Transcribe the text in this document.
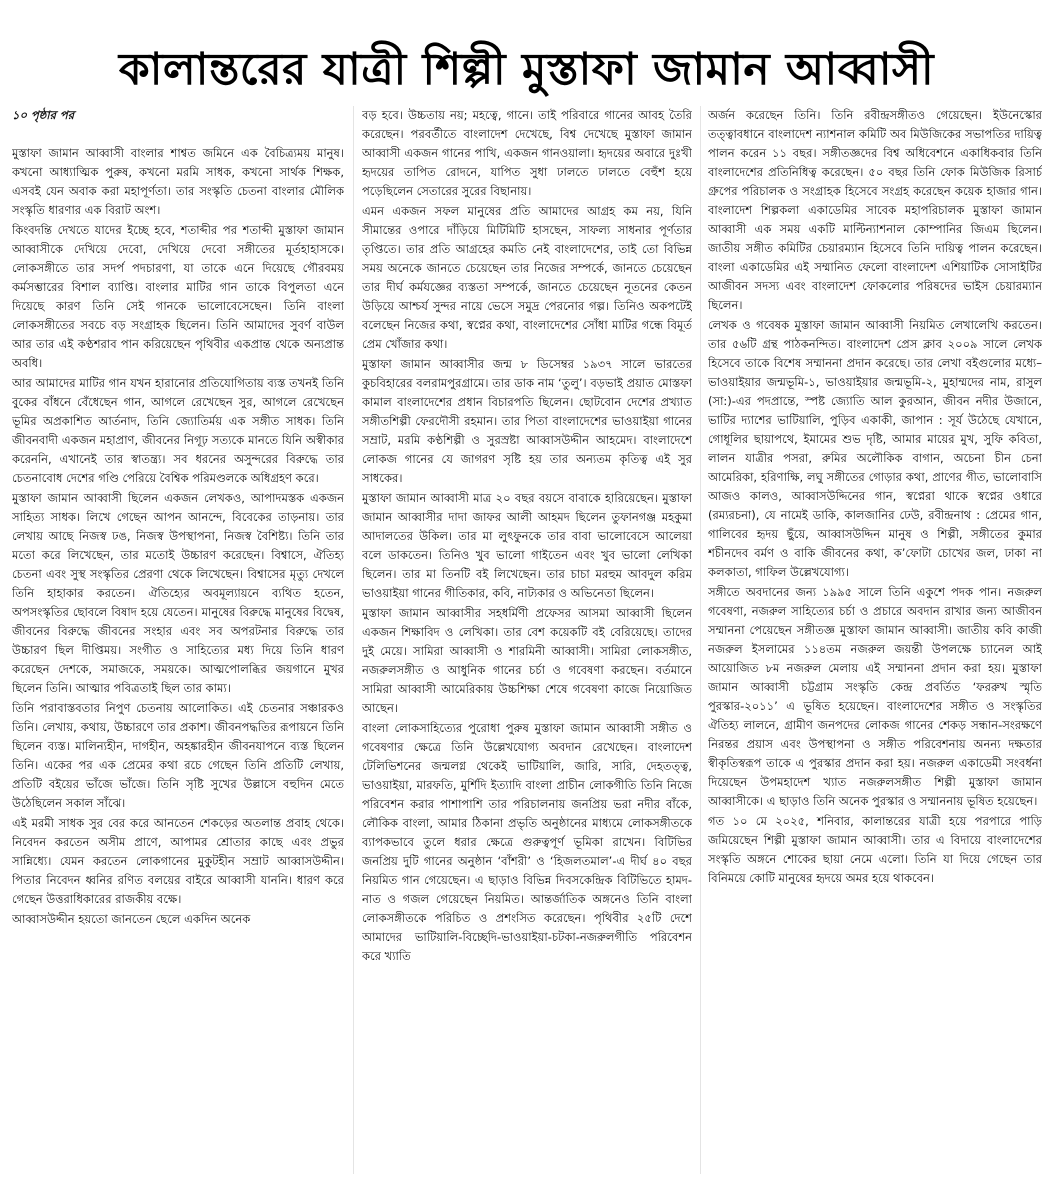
কালান্তরের যাত্রী শিল্পী মুস্তাফা জামান আব্বাসী

১০ পৃষ্ঠার পর

মুস্তাফা জামান আব্বাসী বাংলার শাশ্বত জমিনে এক বৈচিত্র্যময় মানুষ। কখনো আধ্যাত্মিক পুরুষ, কখনো মরমি সাধক, কখনো সার্থক শিক্ষক, এসবই যেন অবাক করা মহাপূর্ণতা। তার সংস্কৃতি চেতনা বাংলার মৌলিক সংস্কৃতি ধারণার এক বিরাট অংশ।

কিংবদন্তি দেখতে যাদের ইচ্ছে হবে, শতাব্দীর পর শতাব্দী মুস্তাফা জামান আব্বাসীকে দেখিয়ে দেবো, দেখিয়ে দেবো সঙ্গীতের মূর্তহাহাসকে। লোকসঙ্গীতে তার সদর্প পদচারণা, যা তাকে এনে দিয়েছে গৌরবময় কর্মসম্ভারের বিশাল ব্যাপ্তি। বাংলার মাটির গান তাকে বিপুলতা এনে দিয়েছে কারণ তিনি সেই গানকে ভালোবেসেছেন। তিনি বাংলা লোকসঙ্গীতের সবচে বড় সংগ্রাহক ছিলেন। তিনি আমাদের সুবর্ণ বাউল আর তার এই কণ্ঠশরাব পান করিয়েছেন পৃথিবীর একপ্রান্ত থেকে অন্যপ্রান্ত অবধি।

আর আমাদের মাটির গান যখন হারানোর প্রতিযোগিতায় ব্যস্ত তখনই তিনি বুকের বাঁধনে বেঁধেছেন গান, আগলে রেখেছেন সুর, আগলে রেখেছেন ভূমির অপ্রকাশিত আর্তনাদ, তিনি জ্যোতির্ময় এক সঙ্গীত সাধক। তিনি জীবনবাদী একজন মহাপ্রাণ, জীবনের নিগূঢ় সত্যকে মানতে যিনি অস্বীকার করেননি, এখানেই তার স্বাতন্ত্র্য। সব ধরনের অসুন্দরের বিরুদ্ধে তার চেতনাবোধ দেশের গণ্ডি পেরিয়ে বৈশ্বিক পরিমণ্ডলকে অধিগ্রহণ করে।

মুস্তাফা জামান আব্বাসী ছিলেন একজন লেখকও, আপাদমস্তক একজন সাহিত্য সাধক। লিখে গেছেন আপন আনন্দে, বিবেকের তাড়নায়। তার লেখায় আছে নিজস্ব ঢঙ, নিজস্ব উপস্থাপনা, নিজস্ব বৈশিষ্ট্য। তিনি তার মতো করে লিখেছেন, তার মতোই উচ্চারণ করেছেন। বিশ্বাসে, ঐতিহ্য চেতনা এবং সুস্থ সংস্কৃতির প্রেরণা থেকে লিখেছেন। বিশ্বাসের মৃত্যু দেখলে তিনি হাহাকার করতেন। ঐতিহ্যের অবমূল্যায়নে ব্যথিত হতেন, অপসংস্কৃতির ছোবলে বিষাদ হয়ে যেতেন। মানুষের বিরুদ্ধে মানুষের বিদ্বেষ, জীবনের বিরুদ্ধে জীবনের সংহার এবং সব অপরটনার বিরুদ্ধে তার উচ্চারণ ছিল দীপ্তিময়। সংগীত ও সাহিত্যের মধ্য দিয়ে তিনি ধারণ করেছেন দেশকে, সমাজকে, সময়কে। আত্মপোলব্ধির জয়গানে মুখর ছিলেন তিনি। আত্মার পবিত্রতাই ছিল তার কাম্য।

তিনি পরাবাস্তবতার নিপুণ চেতনায় আলোকিত। এই চেতনার সঞ্চারকও তিনি। লেখায়, কথায়, উচ্চারণে তার প্রকাশ। জীবনপদ্ধতির রূপায়নে তিনি ছিলেন ব্যস্ত। মালিন্যহীন, দাগহীন, অহঙ্কারহীন জীবনযাপনে ব্যস্ত ছিলেন তিনি। একের পর এক প্রেমের কথা রচে গেছেন তিনি প্রতিটি লেখায়, প্রতিটি বইয়ের ভাঁজে ভাঁজে। তিনি সৃষ্টি সুখের উল্লাসে বহুদিন মেতে উঠেছিলেন সকাল সাঁঝে।

এই মরমী সাধক সুর বের করে আনতেন শেকড়ের অতলান্ত প্রবাহ থেকে। নিবেদন করতেন অসীম প্রাণে, আপামর শ্রোতার কাছে এবং প্রভুর সান্নিধ্যে। যেমন করতেন লোকগানের মুকুটহীন সম্রাট আব্বাসউদ্দীন। পিতার নিবেদন ধ্বনির রণিত বলয়ের বাইরে আব্বাসী যাননি। ধারণ করে গেছেন উত্তরাধিকারের রাজকীয় বক্ষে।

আব্বাসউদ্দীন হয়তো জানতেন ছেলে একদিন অনেক

বড় হবে। উচ্চতায় নয়; মহত্বে, গানে। তাই পরিবারে গানের আবহ তৈরি করেছেন। পরবর্তীতে বাংলাদেশ দেখেছে, বিশ্ব দেখেছে মুস্তাফা জামান আব্বাসী একজন গানের পাখি, একজন গানওয়ালা। হৃদয়ের অবারে দুঃখী হৃদয়ের তাপিত রোদনে, যাপিত সুধা ঢালতে ঢালতে বেহুঁশ হয়ে পড়েছিলেন সেতারের সুরের বিছানায়।

এমন একজন সফল মানুষের প্রতি আমাদের আগ্রহ কম নয়, যিনি সীমান্তের ওপারে দাঁড়িয়ে মিটিমিটি হাসছেন, সাফল্য সাধনার পূর্ণতার তৃপ্তিতে। তার প্রতি আগ্রহের কমতি নেই বাংলাদেশের, তাই তো বিভিন্ন সময় অনেকে জানতে চেয়েছেন তার নিজের সম্পর্কে, জানতে চেয়েছেন তার দীর্ঘ কর্মযজ্ঞের ব্যস্ততা সম্পর্কে, জানতে চেয়েছেন নূতনের কেতন উড়িয়ে আশ্চর্য সুন্দর নায়ে ভেসে সমুদ্র পেরনোর গল্প। তিনিও অকপটেই বলেছেন নিজের কথা, স্বপ্নের কথা, বাংলাদেশের সোঁধা মাটির গন্ধে বিমূর্ত প্রেম খোঁজার কথা।

মুস্তাফা জামান আব্বাসীর জন্ম ৮ ডিসেম্বর ১৯৩৭ সালে ভারতের কুচবিহারের বলরামপুরগ্রামে। তার ডাক নাম ‘তুলু’। বড়ভাই প্রয়াত মোস্তফা কামাল বাংলাদেশের প্রধান বিচারপতি ছিলেন। ছোটবোন দেশের প্রখ্যাত সঙ্গীতশিল্পী ফেরদৌসী রহমান। তার পিতা বাংলাদেশের ভাওয়াইয়া গানের সম্রাট, মরমি কণ্ঠশিল্পী ও সুরস্রষ্টা আব্বাসউদ্দীন আহমেদ। বাংলাদেশে লোকজ গানের যে জাগরণ সৃষ্টি হয় তার অন্যতম কৃতিত্ব এই সুর সাধকের।

মুস্তাফা জামান আব্বাসী মাত্র ২০ বছর বয়সে বাবাকে হারিয়েছেন। মুস্তাফা জামান আব্বাসীর দাদা জাফর আলী আহমদ ছিলেন তুফানগঞ্জ মহকুমা আদালতের উকিল। তার মা লুৎফুনকে তার বাবা ভালোবেসে আলেয়া বলে ডাকতেন। তিনিও খুব ভালো গাইতেন এবং খুব ভালো লেখিকা ছিলেন। তার মা তিনটি বই লিখেছেন। তার চাচা মরহুম আবদুল করিম ভাওয়াইয়া গানের গীতিকার, কবি, নাট্যকার ও অভিনেতা ছিলেন।

মুস্তাফা জামান আব্বাসীর সহধর্মিণী প্রফেসর আসমা আব্বাসী ছিলেন একজন শিক্ষাবিদ ও লেখিকা। তার বেশ কয়েকটি বই বেরিয়েছে। তাদের দুই মেয়ে। সামিরা আব্বাসী ও শারমিনী আব্বাসী। সামিরা লোকসঙ্গীত, নজরুলসঙ্গীত ও আধুনিক গানের চর্চা ও গবেষণা করছেন। বর্তমানে সামিরা আব্বাসী আমেরিকায় উচ্চশিক্ষা শেষে গবেষণা কাজে নিয়োজিত আছেন।

বাংলা লোকসাহিত্যের পুরোধা পুরুষ মুস্তাফা জামান আব্বাসী সঙ্গীত ও গবেষণার ক্ষেত্রে তিনি উল্লেখযোগ্য অবদান রেখেছেন। বাংলাদেশ টেলিভিশনের জন্মলগ্ন থেকেই ভাটিয়ালি, জারি, সারি, দেহতত্ত্ব, ভাওয়াইয়া, মারফতি, মুর্শিদি ইত্যাদি বাংলা প্রাচীন লোকগীতি তিনি নিজে পরিবেশন করার পাশাপাশি তার পরিচালনায় জনপ্রিয় ভরা নদীর বাঁকে, লৌকিক বাংলা, আমার ঠিকানা প্রভৃতি অনুষ্ঠানের মাধ্যমে লোকসঙ্গীতকে ব্যাপকভাবে তুলে ধরার ক্ষেত্রে গুরুত্বপূর্ণ ভূমিকা রাখেন। বিটিভির জনপ্রিয় দুটি গানের অনুষ্ঠান ‘বাঁশরী’ ও ‘হিজলতমাল’-এ দীর্ঘ ৪০ বছর নিয়মিত গান গেয়েছেন। এ ছাড়াও বিভিন্ন দিবসকেন্দ্রিক বিটিভিতে হামদ-নাত ও গজল গেয়েছেন নিয়মিত। আন্তর্জাতিক অঙ্গনেও তিনি বাংলা লোকসঙ্গীতকে পরিচিত ও প্রশংসিত করেছেন। পৃথিবীর ২৫টি দেশে আমাদের ভাটিয়ালি-বিচ্ছেদি-ভাওয়াইয়া-চটকা-নজরুলগীতি পরিবেশন করে খ্যাতি

অর্জন করেছেন তিনি। তিনি রবীন্দ্রসঙ্গীতও গেয়েছেন। ইউনেস্কোর তত্ত্বাবধানে বাংলাদেশ ন্যাশনাল কমিটি অব মিউজিকের সভাপতির দায়িত্ব পালন করেন ১১ বছর। সঙ্গীতজ্ঞদের বিশ্ব অধিবেশনে একাধিকবার তিনি বাংলাদেশের প্রতিনিধিত্ব করেছেন। ৫০ বছর তিনি ফোক মিউজিক রিসার্চ গ্রুপের পরিচালক ও সংগ্রাহক হিসেবে সংগ্রহ করেছেন কয়েক হাজার গান। বাংলাদেশ শিল্পকলা একাডেমির সাবেক মহাপরিচালক মুস্তাফা জামান আব্বাসী এক সময় একটি মাল্টিন্যাশনাল কোম্পানির জিএম ছিলেন। জাতীয় সঙ্গীত কমিটির চেয়ারম্যান হিসেবে তিনি দায়িত্ব পালন করেছেন। বাংলা একাডেমির এই সম্মানিত ফেলো বাংলাদেশ এশিয়াটিক সোসাইটির আজীবন সদস্য এবং বাংলাদেশ ফোকলোর পরিষদের ভাইস চেয়ারম্যান ছিলেন।

লেখক ও গবেষক মুস্তাফা জামান আব্বাসী নিয়মিত লেখালেখি করতেন। তার ৫৬টি গ্রন্থ পাঠকনন্দিত। বাংলাদেশ প্রেস ক্লাব ২০০৯ সালে লেখক হিসেবে তাকে বিশেষ সম্মাননা প্রদান করেছে। তার লেখা বইগুলোর মধ্যে– ভাওয়াইয়ার জন্মভূমি-১, ভাওয়াইয়ার জন্মভূমি-২, মুহাম্মদের নাম, রাসুল (সা:)-এর পদপ্রান্তে, স্পষ্ট জ্যোতি আল কুরআন, জীবন নদীর উজানে, ভাটির দ্যাশের ভাটিয়ালি, পুড়িব একাকী, জাপান : সূর্য উঠেছে যেখানে, গোধূলির ছায়াপথে, ইমামের শুভ দৃষ্টি, আমার মায়ের মুখ, সুফি কবিতা, লালন যাত্রীর পসরা, রুমির অলৌকিক বাগান, অচেনা চীন চেনা আমেরিকা, হরিণাক্ষি, লঘু সঙ্গীতের গোড়ার কথা, প্রাণের গীত, ভালোবাসি আজও কালও, আব্বাসউদ্দিনের গান, স্বপ্নেরা থাকে স্বপ্নের ওধারে (রম্যরচনা), যে নামেই ডাকি, কালজানির ঢেউ, রবীন্দ্রনাথ : প্রেমের গান, গালিবের হৃদয় ছুঁয়ে, আব্বাসউদ্দিন মানুষ ও শিল্পী, সঙ্গীতের কুমার শচীনদেব বর্মণ ও বাকি জীবনের কথা, ক’ফোটা চোখের জল, ঢাকা না কলকাতা, গাফিল উল্লেখযোগ্য।

সঙ্গীতে অবদানের জন্য ১৯৯৫ সালে তিনি একুশে পদক পান। নজরুল গবেষণা, নজরুল সাহিত্যের চর্চা ও প্রচারে অবদান রাখার জন্য আজীবন সম্মাননা পেয়েছেন সঙ্গীতজ্ঞ মুস্তাফা জামান আব্বাসী। জাতীয় কবি কাজী নজরুল ইসলামের ১১৪তম নজরুল জয়ন্তী উপলক্ষে চ্যানেল আই আয়োজিত ৮ম নজরুল মেলায় এই সম্মাননা প্রদান করা হয়। মুস্তাফা জামান আব্বাসী চট্টগ্রাম সংস্কৃতি কেন্দ্র প্রবর্তিত ‘ফররুখ স্মৃতি পুরস্কার-২০১১’ এ ভূষিত হয়েছেন। বাংলাদেশের সঙ্গীত ও সংস্কৃতির ঐতিহ্য লালনে, গ্রামীণ জনপদের লোকজ গানের শেকড় সন্ধান-সংরক্ষণে নিরন্তর প্রয়াস এবং উপস্থাপনা ও সঙ্গীত পরিবেশনায় অনন্য দক্ষতার স্বীকৃতিস্বরূপ তাকে এ পুরস্কার প্রদান করা হয়। নজরুল একাডেমী সংবর্ধনা দিয়েছেন উপমহাদেশ খ্যাত নজরুলসঙ্গীত শিল্পী মুস্তাফা জামান আব্বাসীকে। এ ছাড়াও তিনি অনেক পুরস্কার ও সম্মাননায় ভূষিত হয়েছেন।

গত ১০ মে ২০২৫, শনিবার, কালান্তরের যাত্রী হয়ে পরপারে পাড়ি জমিয়েছেন শিল্পী মুস্তাফা জামান আব্বাসী। তার এ বিদায়ে বাংলাদেশের সংস্কৃতি অঙ্গনে শোকের ছায়া নেমে এলো। তিনি যা দিয়ে গেছেন তার বিনিময়ে কোটি মানুষের হৃদয়ে অমর হয়ে থাকবেন।
